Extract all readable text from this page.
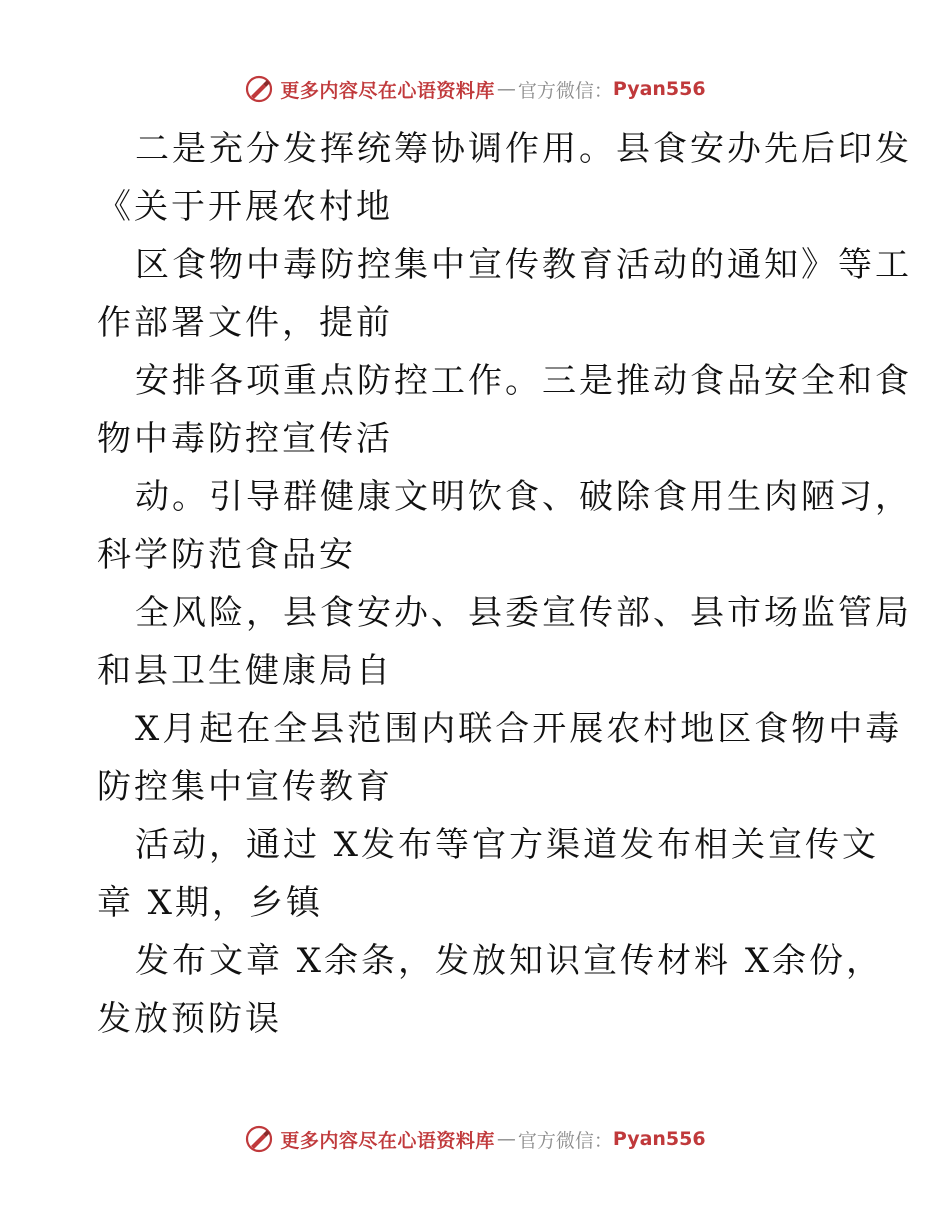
更多内容尽在心语资料库 — 官方微信： Pyan556
二是充分发挥统筹协调作用。县食安办先后印发
《关于开展农村地
区食物中毒防控集中宣传教育活动的通知》等工
作部署文件，提前
安排各项重点防控工作。三是推动食品安全和食
物中毒防控宣传活
动。引导群健康文明饮食、破除食用生肉陋习，
科学防范食品安
全风险，县食安办、县委宣传部、县市场监管局
和县卫生健康局自
X月起在全县范围内联合开展农村地区食物中毒
防控集中宣传教育
活动，通过 X发布等官方渠道发布相关宣传文
章 X期，乡镇
发布文章 X余条，发放知识宣传材料 X余份，
发放预防误
更多内容尽在心语资料库 — 官方微信： Pyan556
